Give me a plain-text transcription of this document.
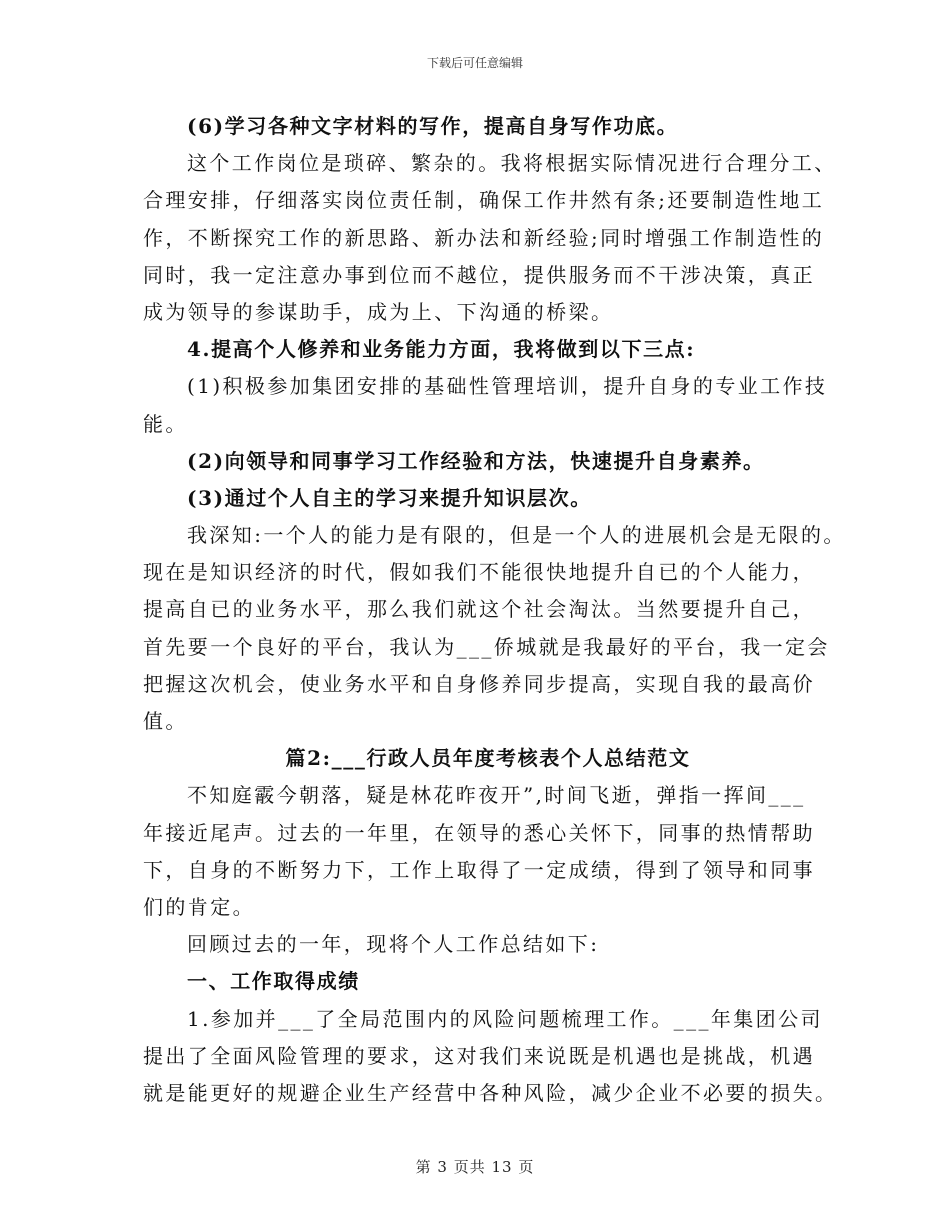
下载后可任意编辑
(6)学习各种文字材料的写作，提高自身写作功底。
这个工作岗位是琐碎、繁杂的。我将根据实际情况进行合理分工、
合理安排，仔细落实岗位责任制，确保工作井然有条;还要制造性地工
作，不断探究工作的新思路、新办法和新经验;同时增强工作制造性的
同时，我一定注意办事到位而不越位，提供服务而不干涉决策，真正
成为领导的参谋助手，成为上、下沟通的桥梁。
4.提高个人修养和业务能力方面，我将做到以下三点:
(1)积极参加集团安排的基础性管理培训，提升自身的专业工作技
能。
(2)向领导和同事学习工作经验和方法，快速提升自身素养。
(3)通过个人自主的学习来提升知识层次。
我深知:一个人的能力是有限的，但是一个人的进展机会是无限的。
现在是知识经济的时代，假如我们不能很快地提升自已的个人能力，
提高自已的业务水平，那么我们就这个社会淘汰。当然要提升自己，
首先要一个良好的平台，我认为___侨城就是我最好的平台，我一定会
把握这次机会，使业务水平和自身修养同步提高，实现自我的最高价
值。
篇2:___行政人员年度考核表个人总结范文
不知庭霰今朝落，疑是林花昨夜开”,时间飞逝，弹指一挥间___
年接近尾声。过去的一年里，在领导的悉心关怀下，同事的热情帮助
下，自身的不断努力下，工作上取得了一定成绩，得到了领导和同事
们的肯定。
回顾过去的一年，现将个人工作总结如下:
一、工作取得成绩
1.参加并___了全局范围内的风险问题梳理工作。___年集团公司
提出了全面风险管理的要求，这对我们来说既是机遇也是挑战，机遇
就是能更好的规避企业生产经营中各种风险，减少企业不必要的损失。
第 3 页共 13 页
